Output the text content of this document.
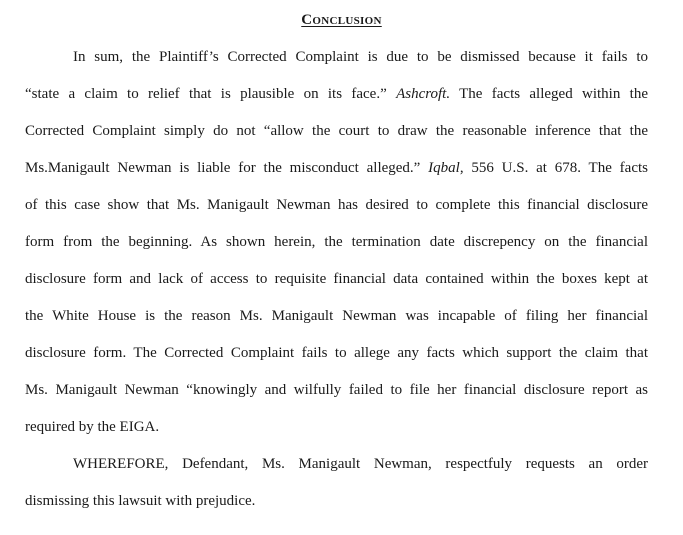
Conclusion
In sum, the Plaintiff’s Corrected Complaint is due to be dismissed because it fails to
“state a claim to relief that is plausible on its face.” Ashcroft. The facts alleged within the
Corrected Complaint simply do not “allow the court to draw the reasonable inference that the
Ms.Manigault Newman is liable for the misconduct alleged.” Iqbal, 556 U.S. at 678. The facts
of this case show that Ms. Manigault Newman has desired to complete this financial disclosure
form from the beginning. As shown herein, the termination date discrepency on the financial
disclosure form and lack of access to requisite financial data contained within the boxes kept at
the White House is the reason Ms. Manigault Newman was incapable of filing her financial
disclosure form. The Corrected Complaint fails to allege any facts which support the claim that
Ms. Manigault Newman “knowingly and wilfully failed to file her financial disclosure report as
required by the EIGA.
WHEREFORE, Defendant, Ms. Manigault Newman, respectfuly requests an order
dismissing this lawsuit with prejudice.
